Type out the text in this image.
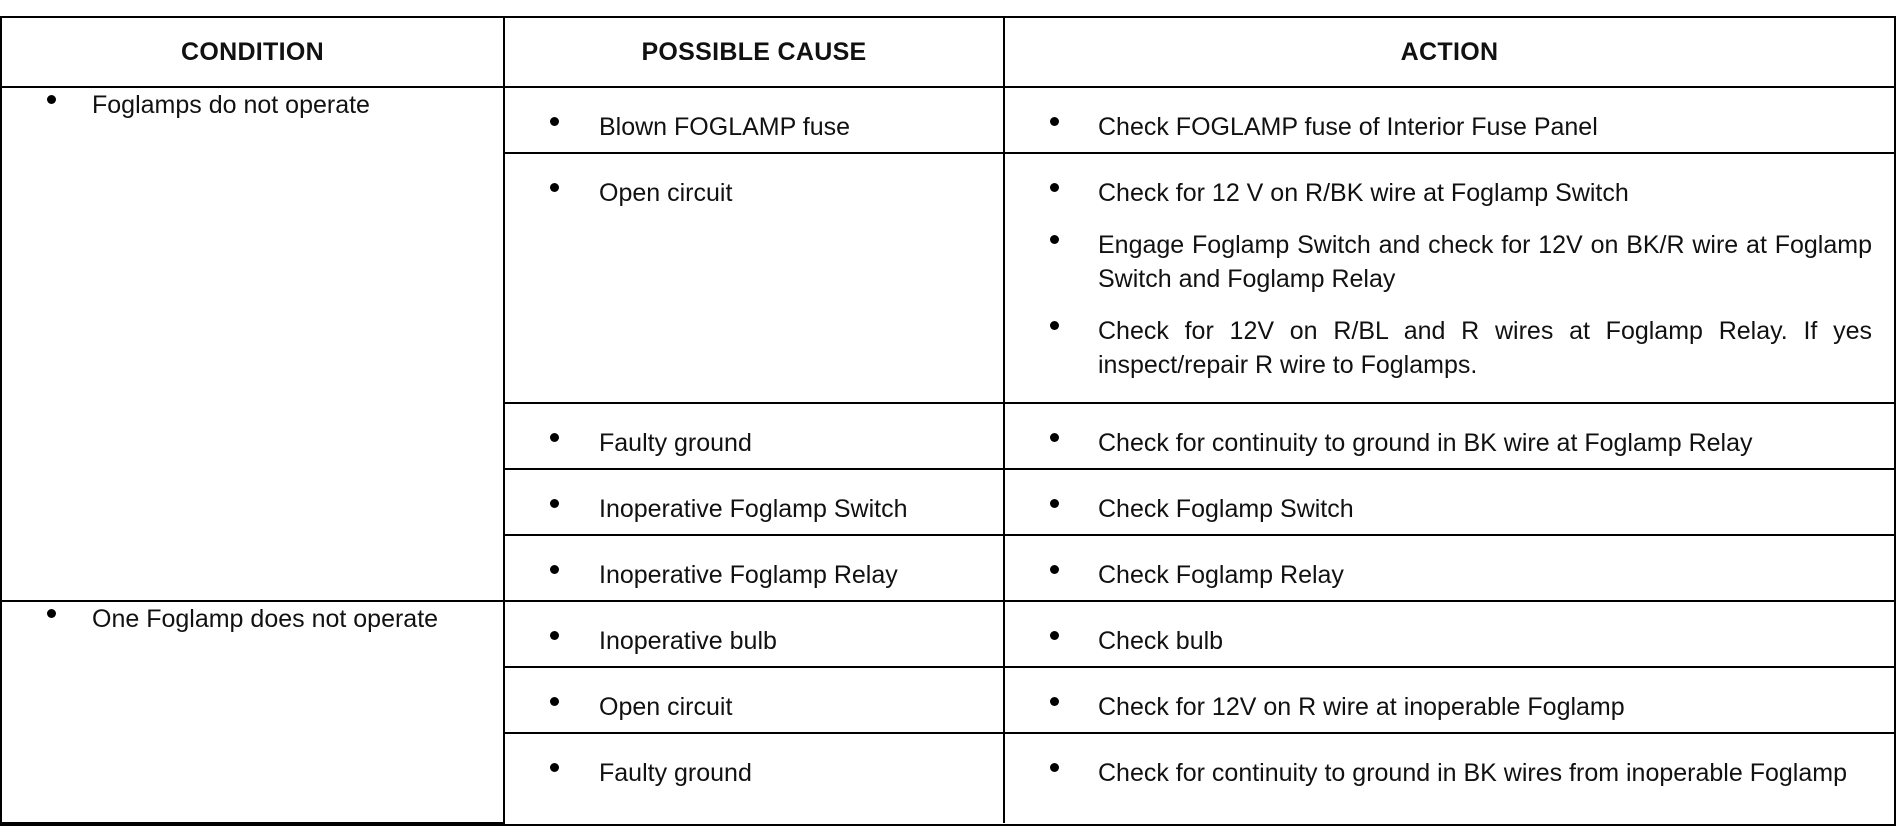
CONDITION	POSSIBLE CAUSE	ACTION

Foglamps do not operate	Blown FOGLAMP fuse	Check FOGLAMP fuse of Interior Fuse Panel

	Open circuit	Check for 12 V on R/BK wire at Foglamp Switch
Engage Foglamp Switch and check for 12V on BK/R wire at Foglamp Switch and Foglamp Relay
Check for 12V on R/BL and R wires at Foglamp Relay. If yes inspect/repair R wire to Foglamps.

	Faulty ground	Check for continuity to ground in BK wire at Foglamp Relay

	Inoperative Foglamp Switch	Check Foglamp Switch

	Inoperative Foglamp Relay	Check Foglamp Relay

One Foglamp does not operate	Inoperative bulb	Check bulb

	Open circuit	Check for 12V on R wire at inoperable Foglamp

	Faulty ground	Check for continuity to ground in BK wires from inoperable Foglamp
